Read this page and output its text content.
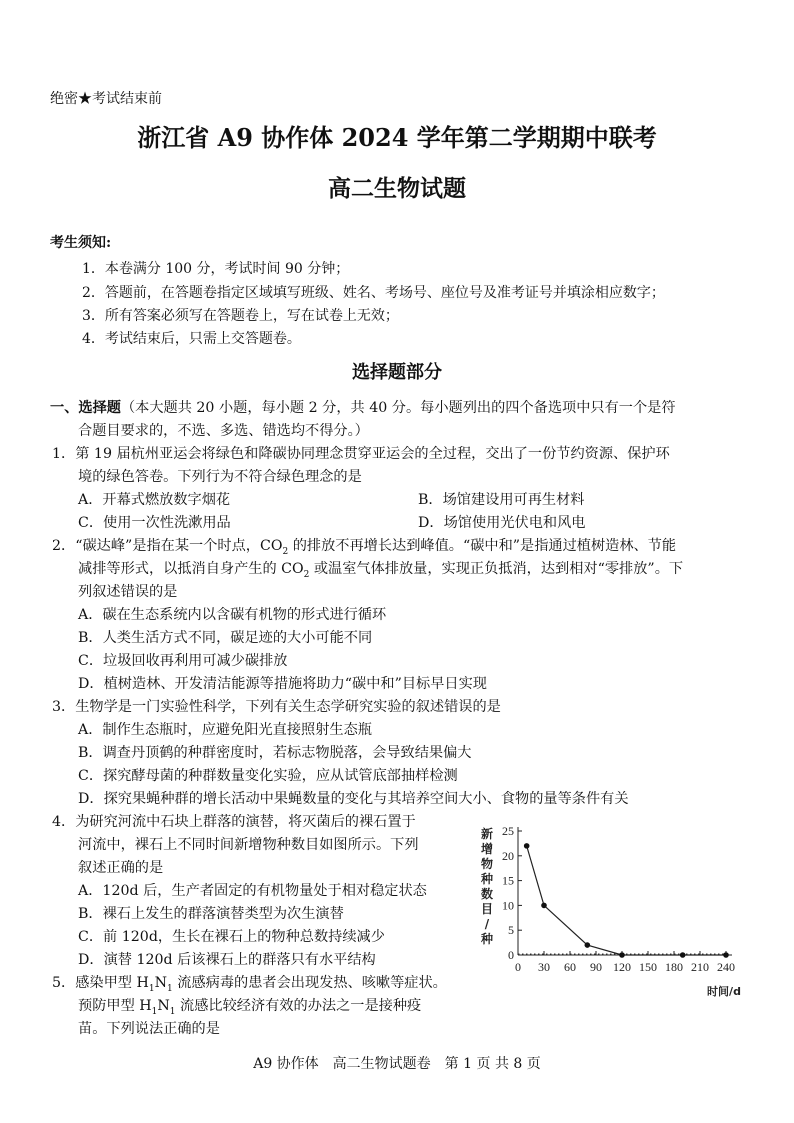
绝密★考试结束前
浙江省 A9 协作体 2024 学年第二学期期中联考
高二生物试题
考生须知:
1．本卷满分 100 分，考试时间 90 分钟；
2．答题前，在答题卷指定区域填写班级、姓名、考场号、座位号及准考证号并填涂相应数字；
3．所有答案必须写在答题卷上，写在试卷上无效；
4．考试结束后，只需上交答题卷。
选择题部分
一、选择题（本大题共 20 小题，每小题 2 分，共 40 分。每小题列出的四个备选项中只有一个是符
合题目要求的，不选、多选、错选均不得分。）
1．第 19 届杭州亚运会将绿色和降碳协同理念贯穿亚运会的全过程，交出了一份节约资源、保护环
境的绿色答卷。下列行为不符合绿色理念的是
A．开幕式燃放数字烟花	B．场馆建设用可再生材料
C．使用一次性洗漱用品	D．场馆使用光伏电和风电
2．“碳达峰”是指在某一个时点，$CO_2$ 的排放不再增长达到峰值。“碳中和”是指通过植树造林、节能
减排等形式，以抵消自身产生的 $CO_2$ 或温室气体排放量，实现正负抵消，达到相对“零排放”。下
列叙述错误的是
A．碳在生态系统内以含碳有机物的形式进行循环
B．人类生活方式不同，碳足迹的大小可能不同
C．垃圾回收再利用可减少碳排放
D．植树造林、开发清洁能源等措施将助力“碳中和”目标早日实现
3．生物学是一门实验性科学，下列有关生态学研究实验的叙述错误的是
A．制作生态瓶时，应避免阳光直接照射生态瓶
B．调查丹顶鹤的种群密度时，若标志物脱落，会导致结果偏大
C．探究酵母菌的种群数量变化实验，应从试管底部抽样检测
D．探究果蝇种群的增长活动中果蝇数量的变化与其培养空间大小、食物的量等条件有关
4．为研究河流中石块上群落的演替，将灭菌后的裸石置于
河流中，裸石上不同时间新增物种数目如图所示。下列
叙述正确的是
A．120d 后，生产者固定的有机物量处于相对稳定状态
B．裸石上发生的群落演替类型为次生演替
C．前 120d，生长在裸石上的物种总数持续减少
D．演替 120d 后该裸石上的群落只有水平结构
5．感染甲型 $H_1N_1$ 流感病毒的患者会出现发热、咳嗽等症状。
预防甲型 $H_1N_1$ 流感比较经济有效的办法之一是接种疫
苗。下列说法正确的是
0
5
10
15
20
25
0 30 60 90 120 150 180 210 240
新
增
物
种
数
目
/
种
时间/d
A9 协作体　高二生物试题卷　第 1 页 共 8 页
